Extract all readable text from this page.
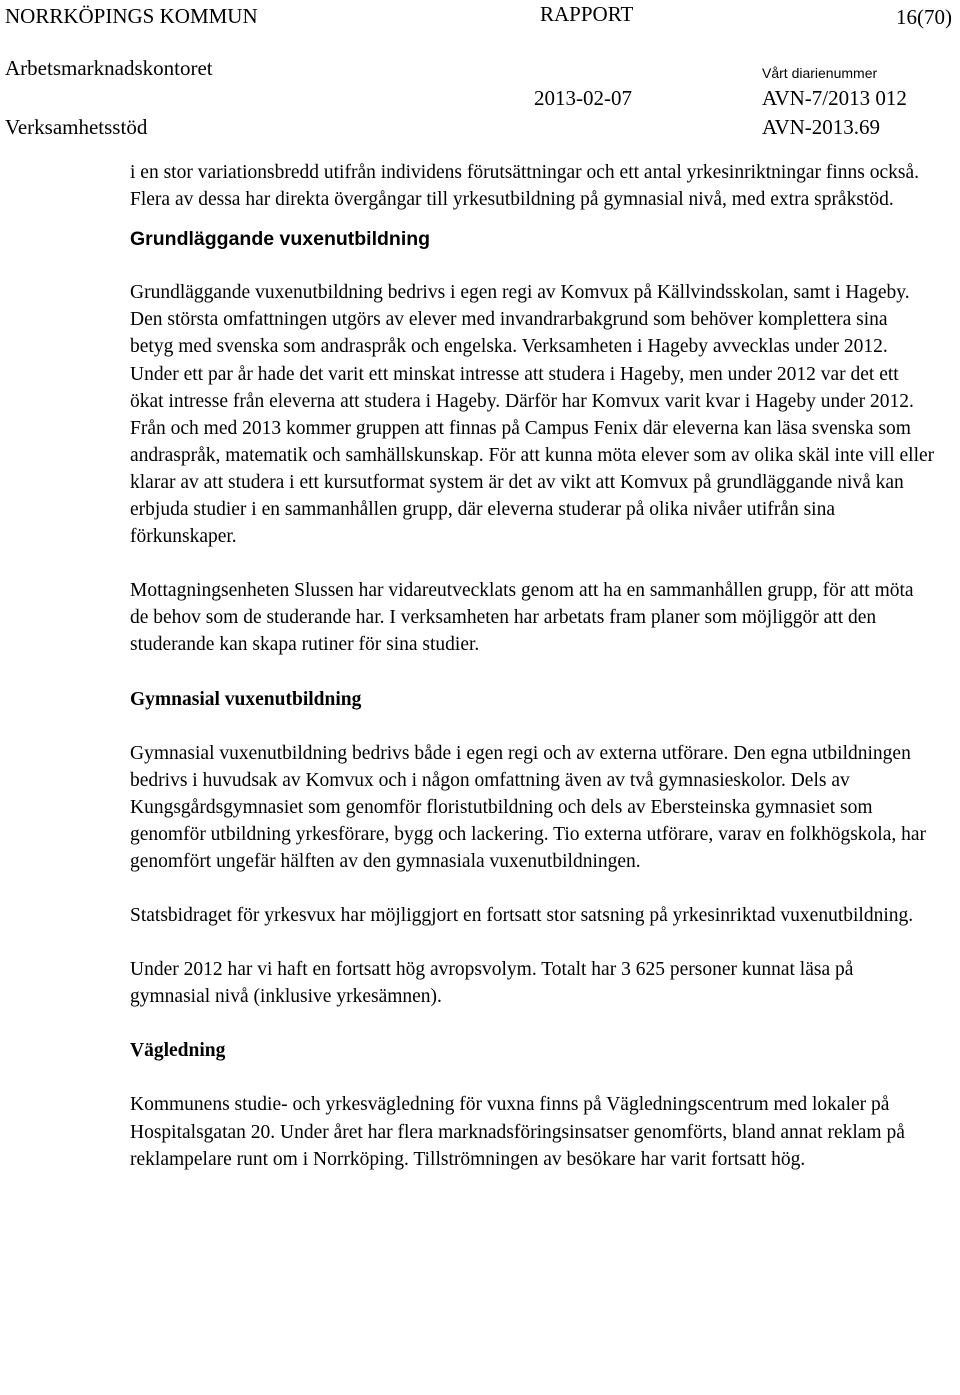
NORRKÖPINGS KOMMUN	RAPPORT	16(70)
Arbetsmarknadskontoret	Vårt diarienummer
2013-02-07	AVN-7/2013 012
Verksamhetsstöd	AVN-2013.69

i en stor variationsbredd utifrån individens förutsättningar och ett antal yrkesinriktningar finns också. Flera av dessa har direkta övergångar till yrkesutbildning på gymnasial nivå, med extra språkstöd.

Grundläggande vuxenutbildning

Grundläggande vuxenutbildning bedrivs i egen regi av Komvux på Källvindsskolan, samt i Hageby. Den största omfattningen utgörs av elever med invandrarbakgrund som behöver komplettera sina betyg med svenska som andraspråk och engelska. Verksamheten i Hageby avvecklas under 2012. Under ett par år hade det varit ett minskat intresse att studera i Hageby, men under 2012 var det ett ökat intresse från eleverna att studera i Hageby. Därför har Komvux varit kvar i Hageby under 2012. Från och med 2013 kommer gruppen att finnas på Campus Fenix där eleverna kan läsa svenska som andraspråk, matematik och samhällskunskap. För att kunna möta elever som av olika skäl inte vill eller klarar av att studera i ett kursutformat system är det av vikt att Komvux på grundläggande nivå kan erbjuda studier i en sammanhållen grupp, där eleverna studerar på olika nivåer utifrån sina förkunskaper.

Mottagningsenheten Slussen har vidareutvecklats genom att ha en sammanhållen grupp, för att möta de behov som de studerande har. I verksamheten har arbetats fram planer som möjliggör att den studerande kan skapa rutiner för sina studier.

Gymnasial vuxenutbildning

Gymnasial vuxenutbildning bedrivs både i egen regi och av externa utförare. Den egna utbildningen bedrivs i huvudsak av Komvux och i någon omfattning även av två gymnasieskolor. Dels av Kungsgårdsgymnasiet som genomför floristutbildning och dels av Ebersteinska gymnasiet som genomför utbildning yrkesförare, bygg och lackering. Tio externa utförare, varav en folkhögskola, har genomfört ungefär hälften av den gymnasiala vuxenutbildningen.

Statsbidraget för yrkesvux har möjliggjort en fortsatt stor satsning på yrkesinriktad vuxenutbildning.

Under 2012 har vi haft en fortsatt hög avropsvolym. Totalt har 3 625 personer kunnat läsa på gymnasial nivå (inklusive yrkesämnen).

Vägledning

Kommunens studie- och yrkesvägledning för vuxna finns på Vägledningscentrum med lokaler på Hospitalsgatan 20. Under året har flera marknadsföringsinsatser genomförts, bland annat reklam på reklampelare runt om i Norrköping. Tillströmningen av besökare har varit fortsatt hög.
